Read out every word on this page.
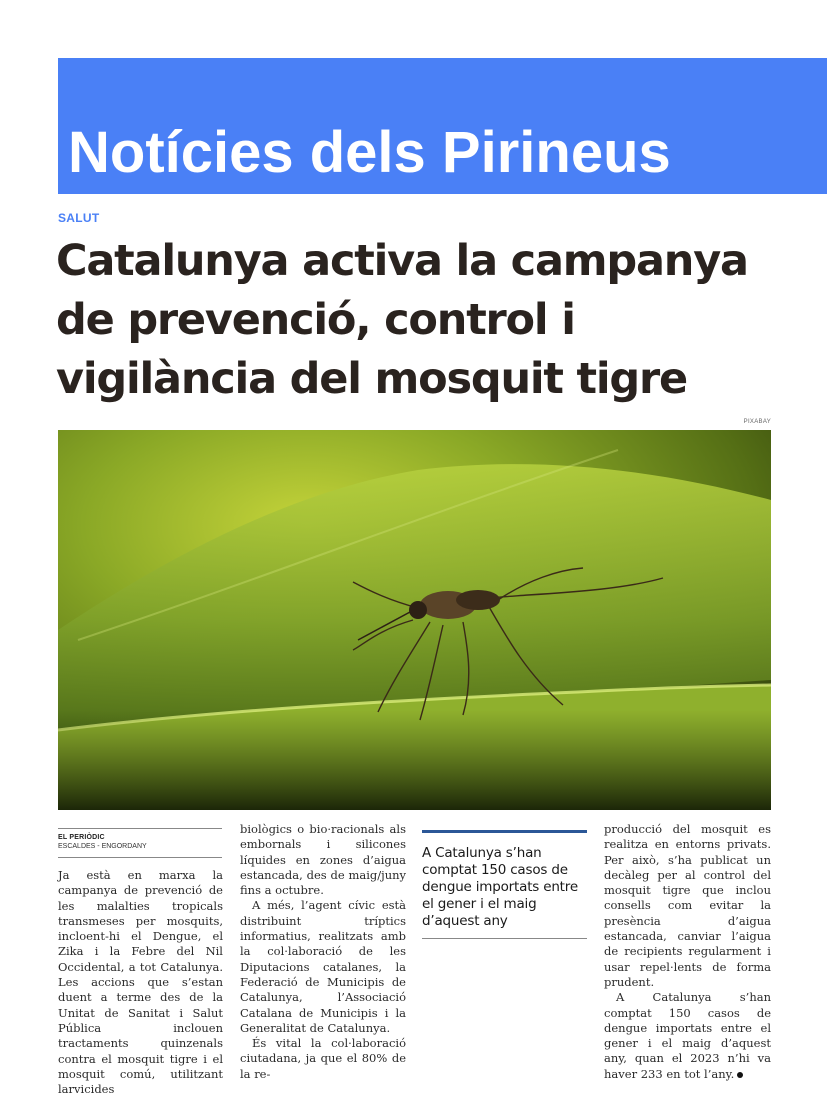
Notícies dels Pirineus
SALUT
Catalunya activa la campanya de prevenció, control i vigilància del mosquit tigre
PIXABAY
EL PERIÒDIC
ESCALDES - ENGORDANY

Ja està en marxa la campanya de prevenció de les malalties tropicals transmeses per mosquits, incloent-hi el Dengue, el Zika i la Febre del Nil Occidental, a tot Catalunya. Les accions que s’estan duent a terme des de la Unitat de Sanitat i Salut Pública inclouen tractaments quinzenals contra el mosquit tigre i el mosquit comú, utilitzant larvicides

biològics o bio·racionals als embornals i silicones líquides en zones d’aigua estancada, des de maig/juny fins a octubre.

A més, l’agent cívic està distribuint tríptics informatius, realitzats amb la col·laboració de les Diputacions catalanes, la Federació de Municipis de Catalunya, l’Associació Catalana de Municipis i la Generalitat de Catalunya.

És vital la col·laboració ciutadana, ja que el 80% de la re-

A Catalunya s’han comptat 150 casos de dengue importats entre el gener i el maig d’aquest any

producció del mosquit es realitza en entorns privats. Per això, s’ha publicat un decàleg per al control del mosquit tigre que inclou consells com evitar la presència d’aigua estancada, canviar l’aigua de recipients regularment i usar repel·lents de forma prudent.

A Catalunya s’han comptat 150 casos de dengue importats entre el gener i el maig d’aquest any, quan el 2023 n’hi va haver 233 en tot l’any.
